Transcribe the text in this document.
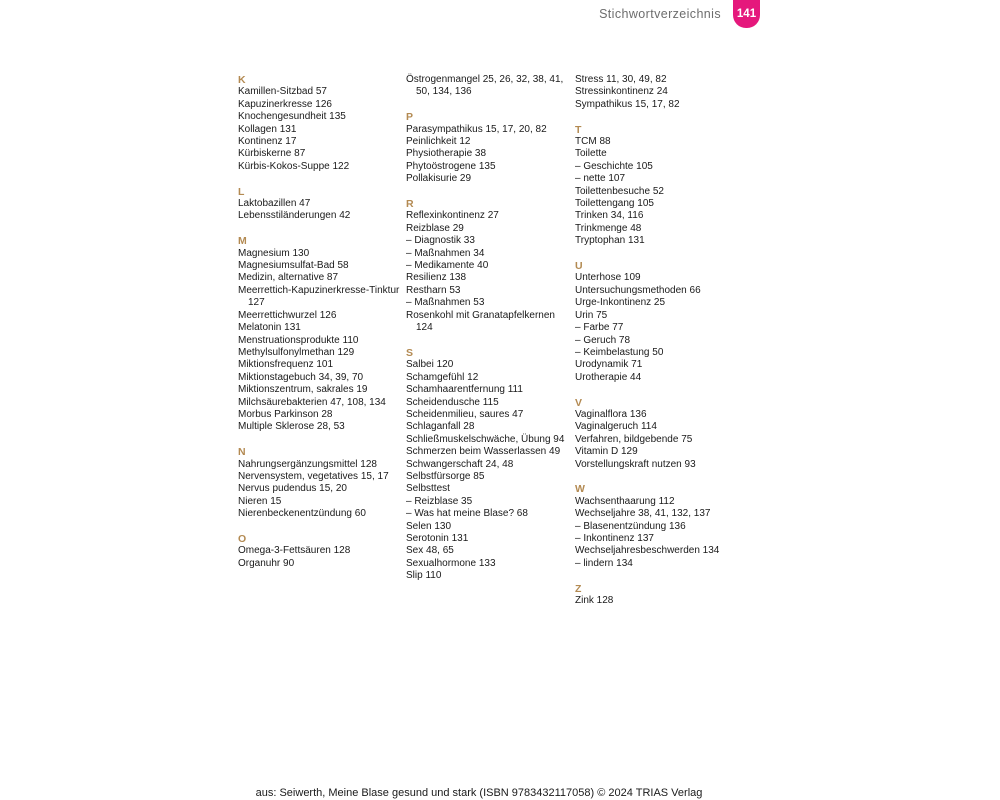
Stichwortverzeichnis	141
K
Kamillen-Sitzbad 57
Kapuzinerkresse 126
Knochengesundheit 135
Kollagen 131
Kontinenz 17
Kürbiskerne 87
Kürbis-Kokos-Suppe 122
L
Laktobazillen 47
Lebensstiländerungen 42
M
Magnesium 130
Magnesiumsulfat-Bad 58
Medizin, alternative 87
Meerrettich-Kapuzinerkresse-Tinktur 127
Meerrettichwurzel 126
Melatonin 131
Menstruationsprodukte 110
Methylsulfonylmethan 129
Miktionsfrequenz 101
Miktionstagebuch 34, 39, 70
Miktionszentrum, sakrales 19
Milchsäurebakterien 47, 108, 134
Morbus Parkinson 28
Multiple Sklerose 28, 53
N
Nahrungsergänzungsmittel 128
Nervensystem, vegetatives 15, 17
Nervus pudendus 15, 20
Nieren 15
Nierenbeckenentzündung 60
O
Omega-3-Fettsäuren 128
Organuhr 90
Östrogenmangel 25, 26, 32, 38, 41, 50, 134, 136
P
Parasympathikus 15, 17, 20, 82
Peinlichkeit 12
Physiotherapie 38
Phytoöstrogene 135
Pollakisurie 29
R
Reflexinkontinenz 27
Reizblase 29
– Diagnostik 33
– Maßnahmen 34
– Medikamente 40
Resilienz 138
Restharn 53
– Maßnahmen 53
Rosenkohl mit Granatapfelkernen 124
S
Salbei 120
Schamgefühl 12
Schamhaarentfernung 111
Scheidendusche 115
Scheidenmilieu, saures 47
Schlaganfall 28
Schließmuskelschwäche, Übung 94
Schmerzen beim Wasserlassen 49
Schwangerschaft 24, 48
Selbstfürsorge 85
Selbsttest
– Reizblase 35
– Was hat meine Blase? 68
Selen 130
Serotonin 131
Sex 48, 65
Sexualhormone 133
Slip 110
Stress 11, 30, 49, 82
Stressinkontinenz 24
Sympathikus 15, 17, 82
T
TCM 88
Toilette
– Geschichte 105
– nette 107
Toilettenbesuche 52
Toilettengang 105
Trinken 34, 116
Trinkmenge 48
Tryptophan 131
U
Unterhose 109
Untersuchungsmethoden 66
Urge-Inkontinenz 25
Urin 75
– Farbe 77
– Geruch 78
– Keimbelastung 50
Urodynamik 71
Urotherapie 44
V
Vaginalflora 136
Vaginalgeruch 114
Verfahren, bildgebende 75
Vitamin D 129
Vorstellungskraft nutzen 93
W
Wachsenthaarung 112
Wechseljahre 38, 41, 132, 137
– Blasenentzündung 136
– Inkontinenz 137
Wechseljahresbeschwerden 134
– lindern 134
Z
Zink 128
aus: Seiwerth, Meine Blase gesund und stark (ISBN 9783432117058) © 2024 TRIAS Verlag
